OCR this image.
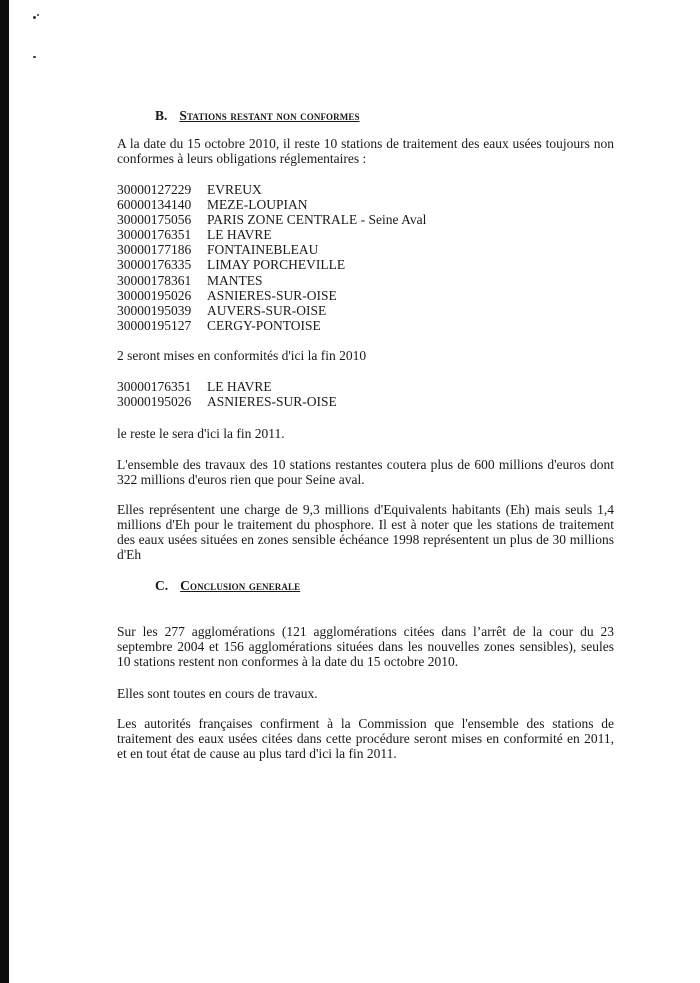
B. Stations restant non conformes

A la date du 15 octobre 2010, il reste 10 stations de traitement des eaux usées toujours non conformes à leurs obligations réglementaires :

30000127229 EVREUX
60000134140 MEZE-LOUPIAN
30000175056 PARIS ZONE CENTRALE - Seine Aval
30000176351 LE HAVRE
30000177186 FONTAINEBLEAU
30000176335 LIMAY PORCHEVILLE
30000178361 MANTES
30000195026 ASNIERES-SUR-OISE
30000195039 AUVERS-SUR-OISE
30000195127 CERGY-PONTOISE

2 seront mises en conformités d'ici la fin 2010

30000176351 LE HAVRE
30000195026 ASNIERES-SUR-OISE

le reste le sera d'ici la fin 2011.

L'ensemble des travaux des 10 stations restantes coutera plus de 600 millions d'euros dont 322 millions d'euros rien que pour Seine aval.

Elles représentent une charge de 9,3 millions d'Equivalents habitants (Eh) mais seuls 1,4 millions d'Eh pour le traitement du phosphore. Il est à noter que les stations de traitement des eaux usées situées en zones sensible échéance 1998 représentent un plus de 30 millions d'Eh

C. Conclusion generale

Sur les 277 agglomérations (121 agglomérations citées dans l’arrêt de la cour du 23 septembre 2004 et 156 agglomérations situées dans les nouvelles zones sensibles), seules 10 stations restent non conformes à la date du 15 octobre 2010.

Elles sont toutes en cours de travaux.

Les autorités françaises confirment à la Commission que l'ensemble des stations de traitement des eaux usées citées dans cette procédure seront mises en conformité en 2011, et en tout état de cause au plus tard d'ici la fin 2011.
